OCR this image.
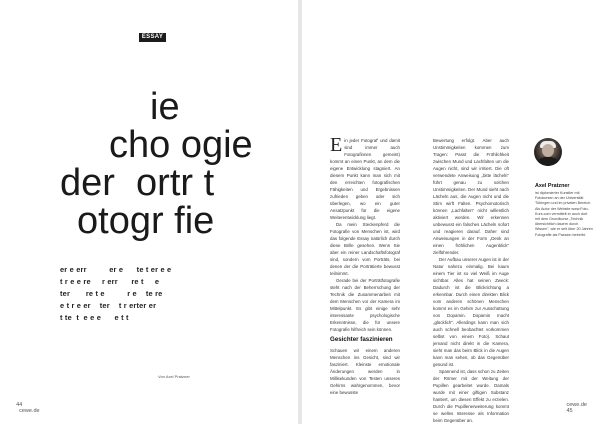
ESSAY
ie
cho ogie
der  ortr t
otogr fie
er e err          er e      te t er e e
t r e e re     r err      re t     e
ter       re t e          r e    te re
e t r e er    ter    t r erter er
t te  t  e e e      e t t
Von Axel Pratzner

44
cewe.de

Ein jeder Fotograf' und damit sind immer auch Fotografinnen gemeint) kommt an einen Punkt, an dem die eigene Entwicklung stagniert. An diesem Punkt kann man sich mit den erreichten fotografischen Fähigkeiten und Ergebnissen zufrieden geben oder sich überlegen, wo ein guter Ansatzpunkt für die eigene Weiterentwicklung liegt.

Da mein Steckenpferd die Fotografie von Menschen ist, wird das folgende Essay natürlich durch diese Brille gesehen. Wenn Sie aber ein reiner Landschaftsfotograf sind, sondern vom Porträts, bei denen der die Porträtierte bewusst teilnimmt.

Gerade bei der Porträtfotografie steht nach der Beherrschung der Technik die Zusammenarbeit mit dem Menschen vor der Kamera im Mittelpunkt. Es gibt einige sehr interessante psychologische Erkenntnisse, die für unsere Fotografie hilfreich sein können.

Gesichter faszinieren

Schauen wir einem anderen Menschen ins Gesicht, sind wir fasziniert. Kleinste emotionale Änderungen werden in Millisekunden von Testen unseres Gehirns wahrgenommen, bevor eine bewusste

Bewertung erfolgt. Aber auch Unstimmigkeiten kommen zum Tragen: Passt die Fröhlichkeit zwischen Mund und Lachfalten um die Augen nicht, sind wir irritiert. Die oft verwendete Anweisung „bitte lächeln" führt genau zu solchen Unstimmigkeiten. Der Mund sieht nach Lächeln aus, die Augen nicht und die Stirn wirft Falten. Psychomotorisch können „Lachfalten" nicht willentlich aktiviert werden. Wir erkennen unbewusst ein falsches Lächeln sofort und reagieren darauf. Daher sind Anweisungen in der Form „Denk an einen fröhlichen Augenblick" zielführender.

Der Aufbau unserer Augen ist in der Natur nahezu einmalig. Bei kaum einem Tier ist so viel Weiß im Auge sichtbar. Alles hat seinen Zweck: Dadurch ist die Blickrichtung a erkennbar. Durch einen direkten Blick vom anderen schönen Menschen kommt es im Gehirn zur Ausschüttung von Dopamin. Dopamin macht „glücklich". Allerdings kann man sich auch schnell beobachtet vorkommen selbst von einem Foto). Schaut jemand nicht direkt in die Kamera, sieht man das beim Blick in die Augen kann man sehen, ob das Gegenüber gesund ist.

Spannend ist, dass schon zu Zeiten der Römer mit der Weitung der Pupillen gearbeitet wurde. Damals wurde mit einer giftigen Substanz hantiert, um diesen Effekt zu erzielen. Durch die Pupillenerweiterung kommt se welles Interesse als Information beim Gegenüber an.

Axel Pratzner
ist diplomierter Kunstler mit Fotokursen an der Universität Tübingen und im privaten Bereich. Als Autor der Website www.Foto-Kurs.com vermittelt er auch dort mit dem Grundkurse „Technik übersichtlich dauern durch Wissen", wie er seit über 20 Jahren Fotografie als Passion betreibt.

cewe.de
45
